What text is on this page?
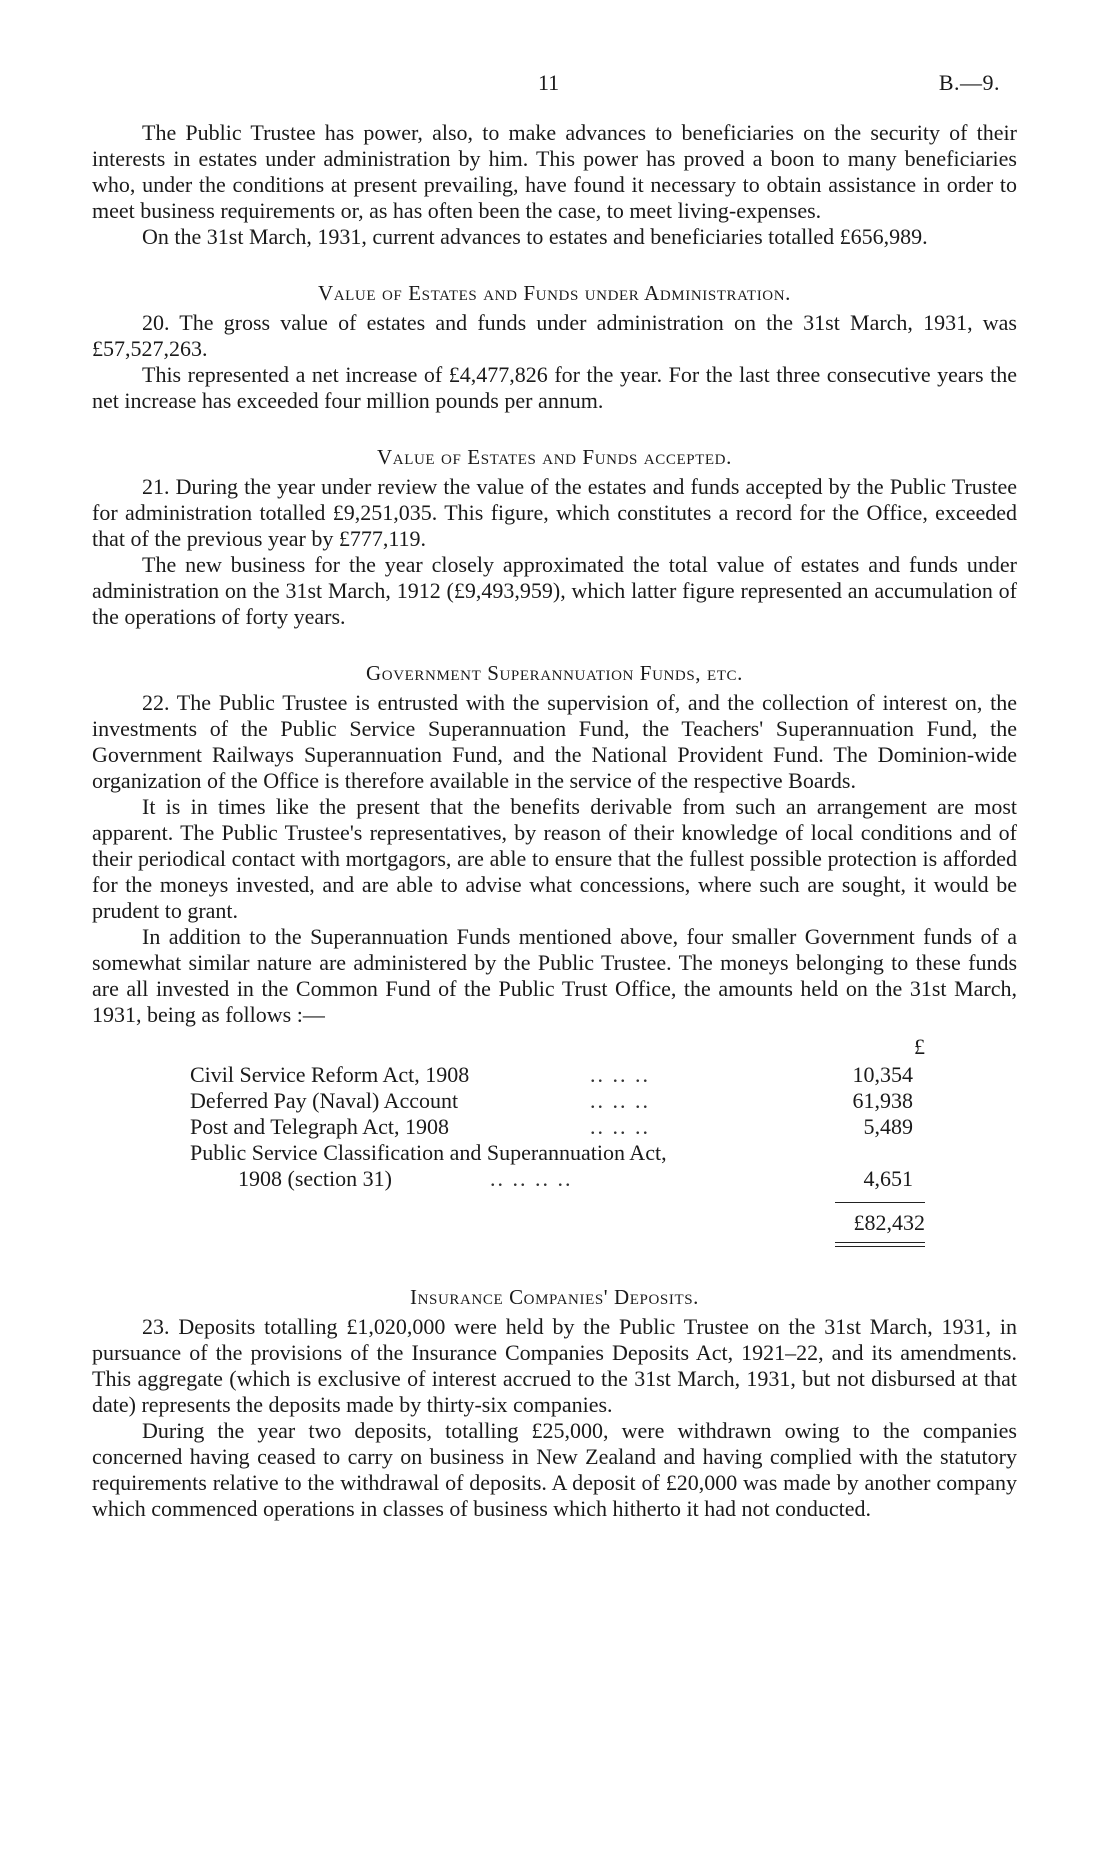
11	B.—9.

The Public Trustee has power, also, to make advances to beneficiaries on the security of their interests in estates under administration by him. This power has proved a boon to many beneficiaries who, under the conditions at present prevailing, have found it necessary to obtain assistance in order to meet business requirements or, as has often been the case, to meet living-expenses.

On the 31st March, 1931, current advances to estates and beneficiaries totalled £656,989.

Value of Estates and Funds under Administration.

20. The gross value of estates and funds under administration on the 31st March, 1931, was £57,527,263.

This represented a net increase of £4,477,826 for the year. For the last three consecutive years the net increase has exceeded four million pounds per annum.

Value of Estates and Funds accepted.

21. During the year under review the value of the estates and funds accepted by the Public Trustee for administration totalled £9,251,035. This figure, which constitutes a record for the Office, exceeded that of the previous year by £777,119.

The new business for the year closely approximated the total value of estates and funds under administration on the 31st March, 1912 (£9,493,959), which latter figure represented an accumulation of the operations of forty years.

Government Superannuation Funds, etc.

22. The Public Trustee is entrusted with the supervision of, and the collection of interest on, the investments of the Public Service Superannuation Fund, the Teachers' Superannuation Fund, the Government Railways Superannuation Fund, and the National Provident Fund. The Dominion-wide organization of the Office is therefore available in the service of the respective Boards.

It is in times like the present that the benefits derivable from such an arrangement are most apparent. The Public Trustee's representatives, by reason of their knowledge of local conditions and of their periodical contact with mortgagors, are able to ensure that the fullest possible protection is afforded for the moneys invested, and are able to advise what concessions, where such are sought, it would be prudent to grant.

In addition to the Superannuation Funds mentioned above, four smaller Government funds of a somewhat similar nature are administered by the Public Trustee. The moneys belonging to these funds are all invested in the Common Fund of the Public Trust Office, the amounts held on the 31st March, 1931, being as follows :—

£
Civil Service Reform Act, 1908	.. .. ..	10,354
Deferred Pay (Naval) Account	.. .. ..	61,938
Post and Telegraph Act, 1908	.. .. ..	5,489
Public Service Classification and Superannuation Act,
1908 (section 31)	.. .. .. ..	4,651
£82,432
Insurance Companies' Deposits.

23. Deposits totalling £1,020,000 were held by the Public Trustee on the 31st March, 1931, in pursuance of the provisions of the Insurance Companies Deposits Act, 1921–22, and its amendments. This aggregate (which is exclusive of interest accrued to the 31st March, 1931, but not disbursed at that date) represents the deposits made by thirty-six companies.

During the year two deposits, totalling £25,000, were withdrawn owing to the companies concerned having ceased to carry on business in New Zealand and having complied with the statutory requirements relative to the withdrawal of deposits. A deposit of £20,000 was made by another company which commenced operations in classes of business which hitherto it had not conducted.
